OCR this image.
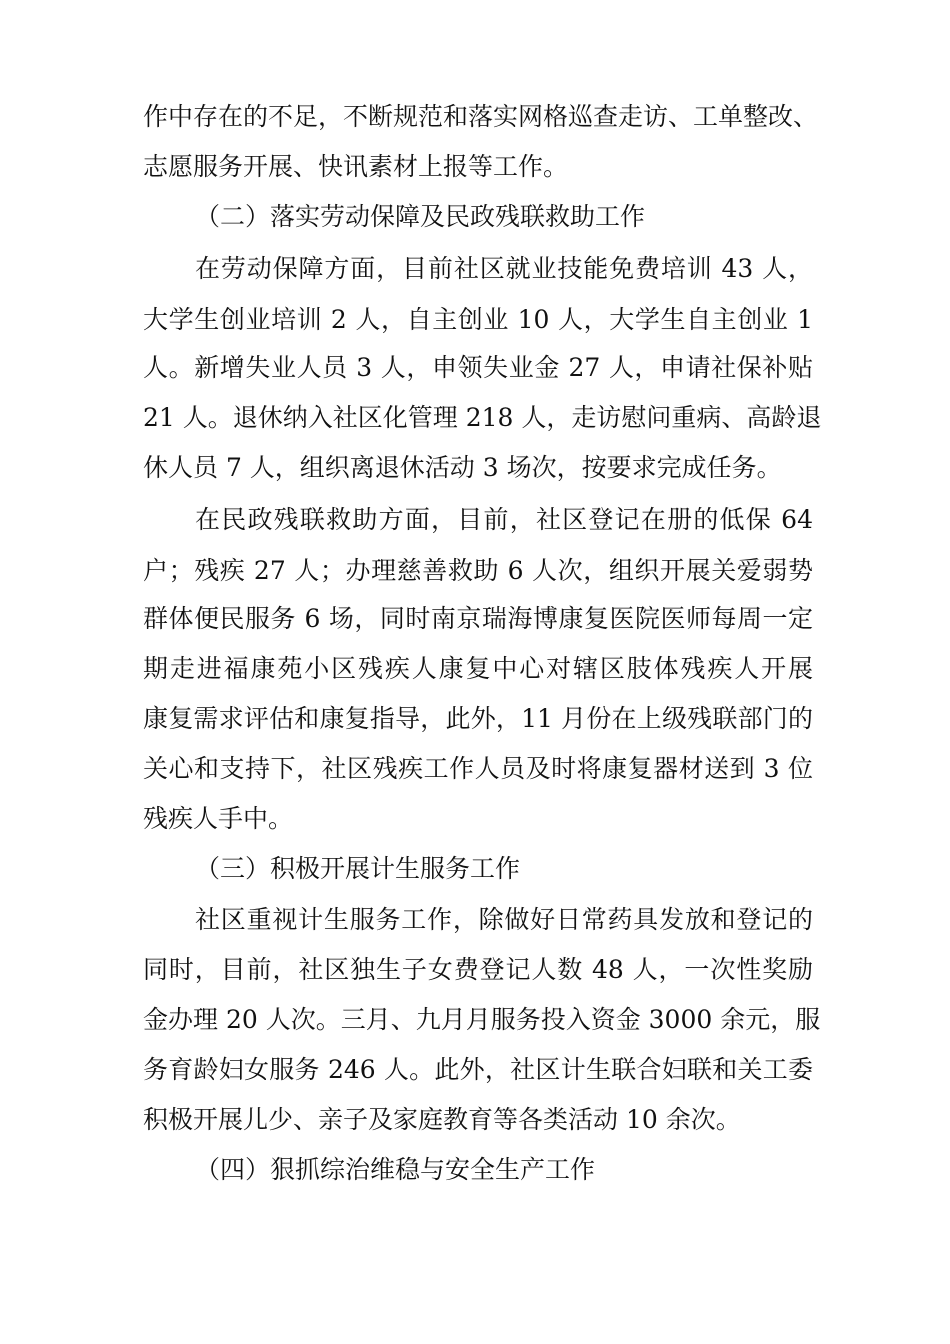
作中存在的不足，不断规范和落实网格巡查走访、工单整改、
志愿服务开展、快讯素材上报等工作。
（二）落实劳动保障及民政残联救助工作
在劳动保障方面，目前社区就业技能免费培训 43 人，
大学生创业培训 2 人，自主创业 10 人，大学生自主创业 1
人。新增失业人员 3 人，申领失业金 27 人，申请社保补贴
21 人。退休纳入社区化管理 218 人，走访慰问重病、高龄退
休人员 7 人，组织离退休活动 3 场次，按要求完成任务。
在民政残联救助方面，目前，社区登记在册的低保 64
户；残疾 27 人；办理慈善救助 6 人次，组织开展关爱弱势
群体便民服务 6 场，同时南京瑞海博康复医院医师每周一定
期走进福康苑小区残疾人康复中心对辖区肢体残疾人开展
康复需求评估和康复指导，此外，11 月份在上级残联部门的
关心和支持下，社区残疾工作人员及时将康复器材送到 3 位
残疾人手中。
（三）积极开展计生服务工作
社区重视计生服务工作，除做好日常药具发放和登记的
同时，目前，社区独生子女费登记人数 48 人，一次性奖励
金办理 20 人次。三月、九月月服务投入资金 3000 余元，服
务育龄妇女服务 246 人。此外，社区计生联合妇联和关工委
积极开展儿少、亲子及家庭教育等各类活动 10 余次。
（四）狠抓综治维稳与安全生产工作
